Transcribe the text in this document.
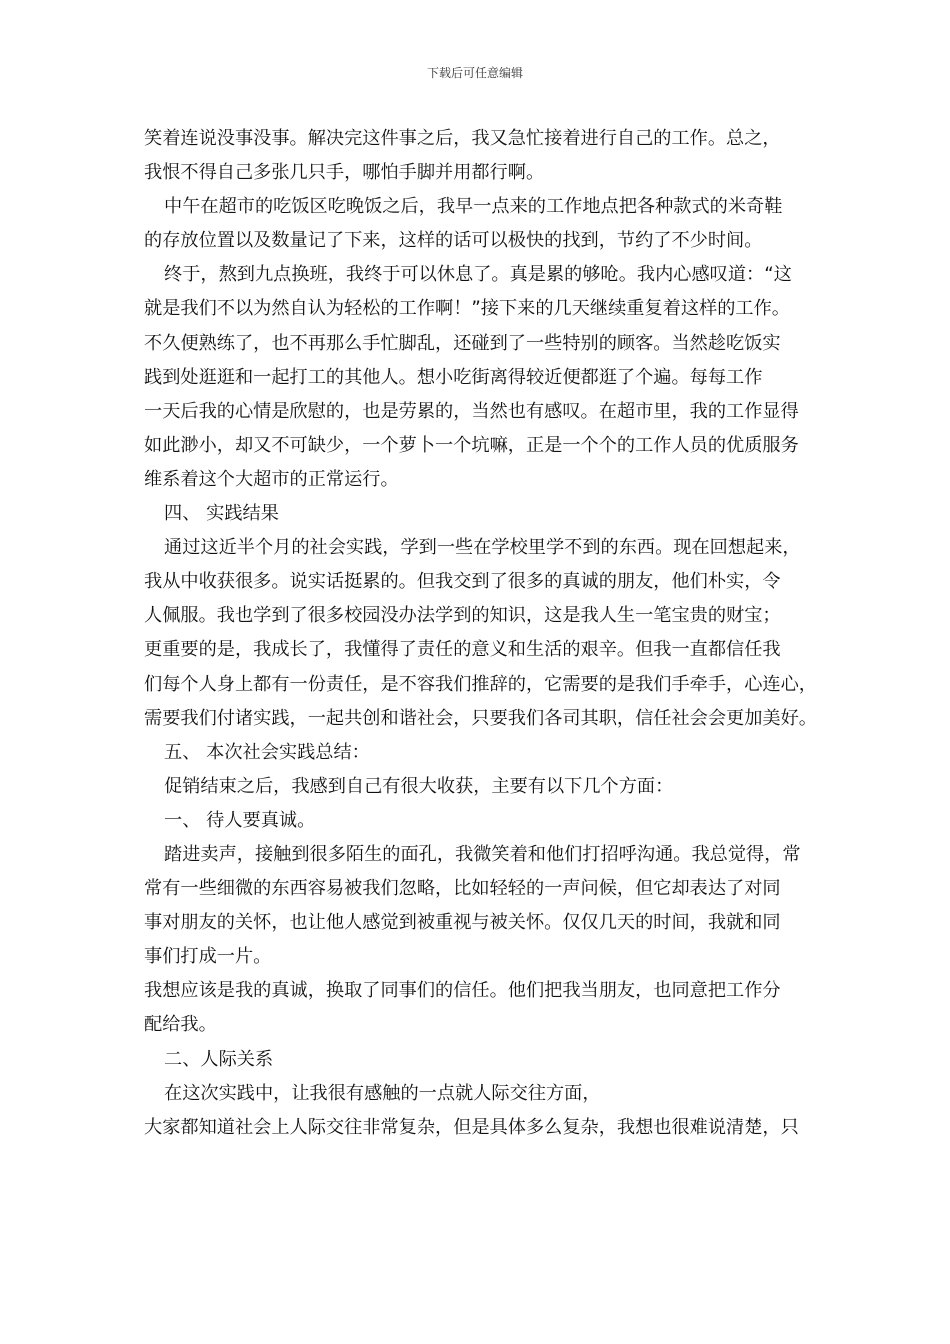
下载后可任意编辑
笑着连说没事没事。解决完这件事之后，我又急忙接着进行自己的工作。总之，
我恨不得自己多张几只手，哪怕手脚并用都行啊。
中午在超市的吃饭区吃晚饭之后，我早一点来的工作地点把各种款式的米奇鞋
的存放位置以及数量记了下来，这样的话可以极快的找到，节约了不少时间。
终于，熬到九点换班，我终于可以休息了。真是累的够呛。我内心感叹道：“这
就是我们不以为然自认为轻松的工作啊！”接下来的几天继续重复着这样的工作。
不久便熟练了，也不再那么手忙脚乱，还碰到了一些特别的顾客。当然趁吃饭实
践到处逛逛和一起打工的其他人。想小吃街离得较近便都逛了个遍。每每工作
一天后我的心情是欣慰的，也是劳累的，当然也有感叹。在超市里，我的工作显得
如此渺小，却又不可缺少，一个萝卜一个坑嘛，正是一个个的工作人员的优质服务
维系着这个大超市的正常运行。
四、 实践结果
通过这近半个月的社会实践，学到一些在学校里学不到的东西。现在回想起来，
我从中收获很多。说实话挺累的。但我交到了很多的真诚的朋友，他们朴实，令
人佩服。我也学到了很多校园没办法学到的知识，这是我人生一笔宝贵的财宝；
更重要的是，我成长了，我懂得了责任的意义和生活的艰辛。但我一直都信任我
们每个人身上都有一份责任，是不容我们推辞的，它需要的是我们手牵手，心连心，
需要我们付诸实践，一起共创和谐社会，只要我们各司其职，信任社会会更加美好。
五、 本次社会实践总结：
促销结束之后，我感到自己有很大收获，主要有以下几个方面：
一、 待人要真诚。
踏进卖声，接触到很多陌生的面孔，我微笑着和他们打招呼沟通。我总觉得，常
常有一些细微的东西容易被我们忽略，比如轻轻的一声问候，但它却表达了对同
事对朋友的关怀，也让他人感觉到被重视与被关怀。仅仅几天的时间，我就和同
事们打成一片。
我想应该是我的真诚，换取了同事们的信任。他们把我当朋友，也同意把工作分
配给我。
二、人际关系
在这次实践中，让我很有感触的一点就人际交往方面，
大家都知道社会上人际交往非常复杂，但是具体多么复杂，我想也很难说清楚，只
